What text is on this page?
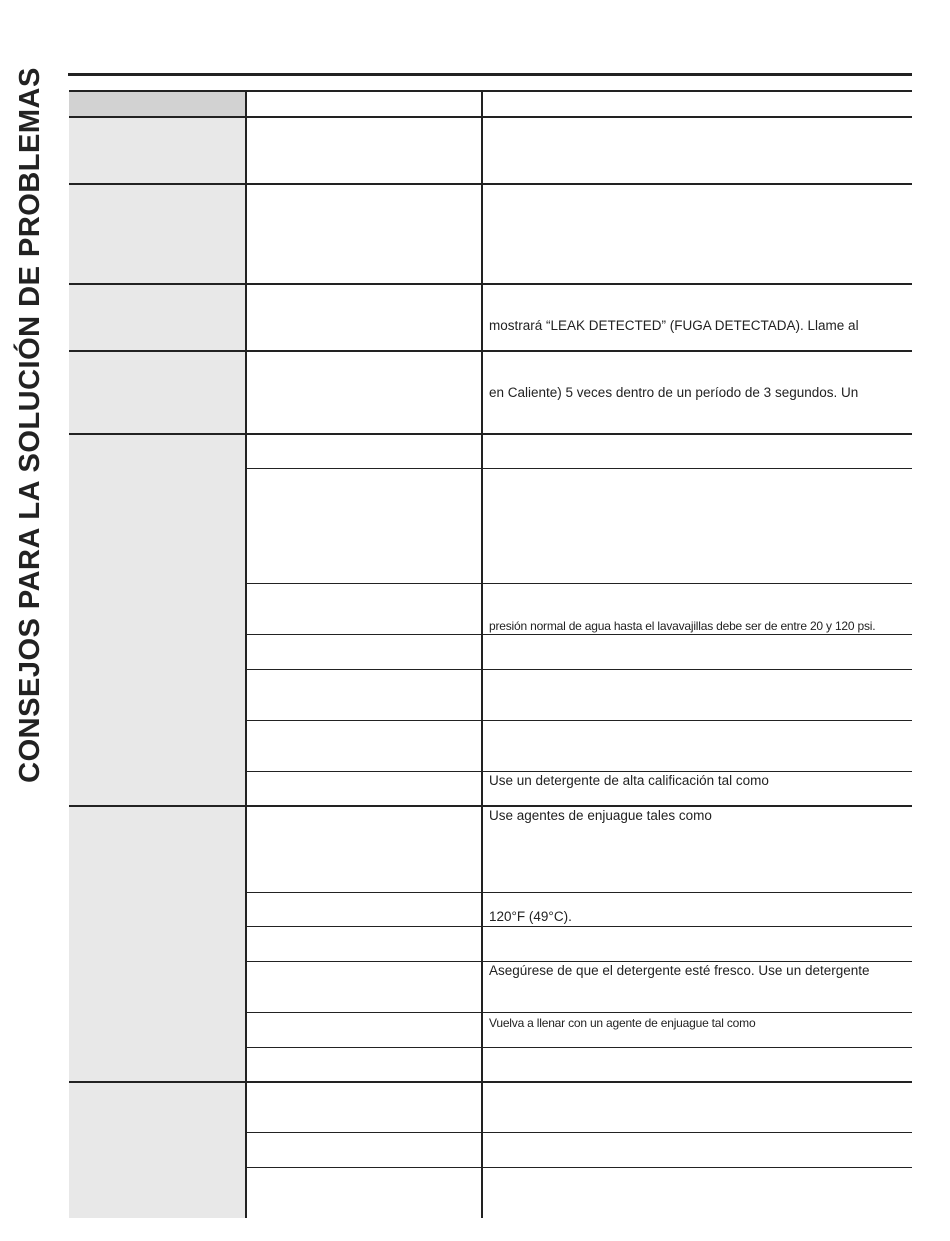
CONSEJOS PARA LA SOLUCIÓN DE PROBLEMAS	mostrará “LEAK DETECTED” (FUGA DETECTADA). Llame al
en Caliente) 5 veces dentro de un período de 3 segundos. Un
presión normal de agua hasta el lavavajillas debe ser de entre 20 y 120 psi.
Use un detergente de alta calificación tal como
Use agentes de enjuague tales como
120°F (49°C).
Asegúrese de que el detergente esté fresco. Use un detergente
Vuelva a llenar con un agente de enjuague tal como
